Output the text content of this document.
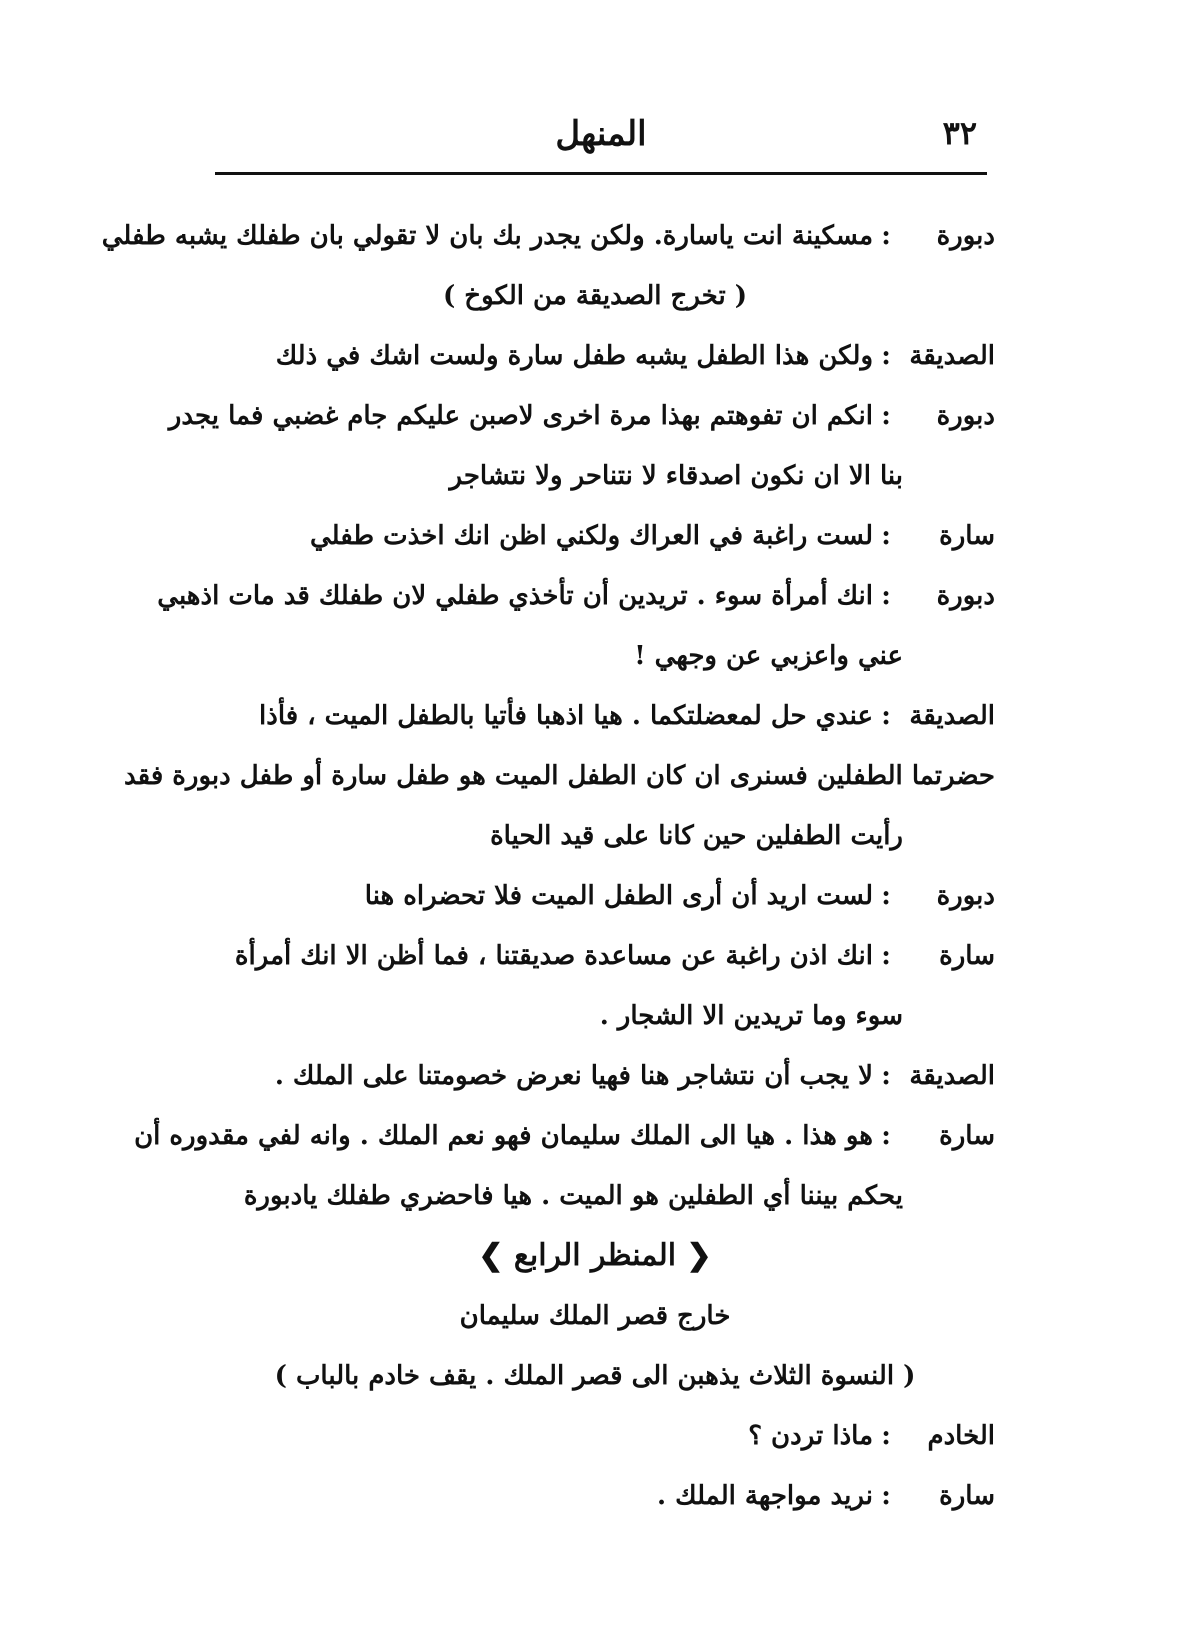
٣٢
المنهل
دبورة:مسكينة انت ياسارة. ولكن يجدر بك بان لا تقولي بان طفلك يشبه طفلي
( تخرج الصديقة من الكوخ )
الصديقة:ولكن هذا الطفل يشبه طفل سارة ولست اشك في ذلك
دبورة:انكم ان تفوهتم بهذا مرة اخرى لاصبن عليكم جام غضبي فما يجدر
بنا الا ان نكون اصدقاء لا نتناحر ولا نتشاجر
سارة:لست راغبة في العراك ولكني اظن انك اخذت طفلي
دبورة:انك أمرأة سوء . تريدين أن تأخذي طفلي لان طفلك قد مات اذهبي
عني واعزبي عن وجهي !
الصديقة:عندي حل لمعضلتكما . هيا اذهبا فأتيا بالطفل الميت ، فأذا
حضرتما الطفلين فسنرى ان كان الطفل الميت هو طفل سارة أو طفل دبورة فقد
رأيت الطفلين حين كانا على قيد الحياة
دبورة:لست اريد أن أرى الطفل الميت فلا تحضراه هنا
سارة:انك اذن راغبة عن مساعدة صديقتنا ، فما أظن الا انك أمرأة
سوء وما تريدين الا الشجار .
الصديقة:لا يجب أن نتشاجر هنا فهيا نعرض خصومتنا على الملك .
سارة:هو هذا . هيا الى الملك سليمان فهو نعم الملك . وانه لفي مقدوره أن
يحكم بيننا أي الطفلين هو الميت . هيا فاحضري طفلك يادبورة
❮ المنظر الرابع ❯
خارج قصر الملك سليمان
( النسوة الثلاث يذهبن الى قصر الملك . يقف خادم بالباب )
الخادم:ماذا تردن ؟
سارة:نريد مواجهة الملك .
